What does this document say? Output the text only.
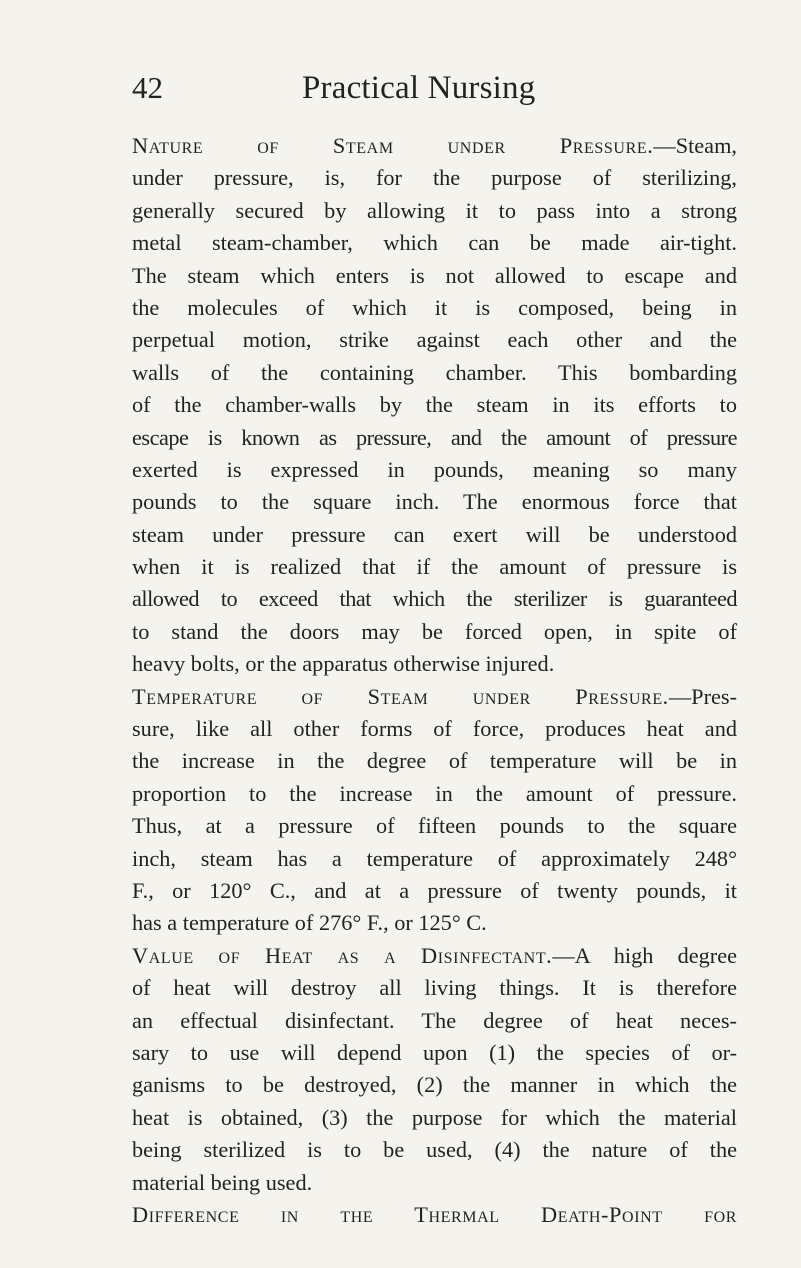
42	Practical Nursing
Nature of Steam under Pressure.—Steam,
under pressure, is, for the purpose of sterilizing,
generally secured by allowing it to pass into a strong
metal steam-chamber, which can be made air-tight.
The steam which enters is not allowed to escape and
the molecules of which it is composed, being in
perpetual motion, strike against each other and the
walls of the containing chamber. This bombarding
of the chamber-walls by the steam in its efforts to
escape is known as pressure, and the amount of pressure
exerted is expressed in pounds, meaning so many
pounds to the square inch. The enormous force that
steam under pressure can exert will be understood
when it is realized that if the amount of pressure is
allowed to exceed that which the sterilizer is guaranteed
to stand the doors may be forced open, in spite of
heavy bolts, or the apparatus otherwise injured.
Temperature of Steam under Pressure.—Pres-
sure, like all other forms of force, produces heat and
the increase in the degree of temperature will be in
proportion to the increase in the amount of pressure.
Thus, at a pressure of fifteen pounds to the square
inch, steam has a temperature of approximately 248°
F., or 120° C., and at a pressure of twenty pounds, it
has a temperature of 276° F., or 125° C.
Value of Heat as a Disinfectant.—A high degree
of heat will destroy all living things. It is therefore
an effectual disinfectant. The degree of heat neces-
sary to use will depend upon (1) the species of or-
ganisms to be destroyed, (2) the manner in which the
heat is obtained, (3) the purpose for which the material
being sterilized is to be used, (4) the nature of the
material being used.
Difference in the Thermal Death-Point for
